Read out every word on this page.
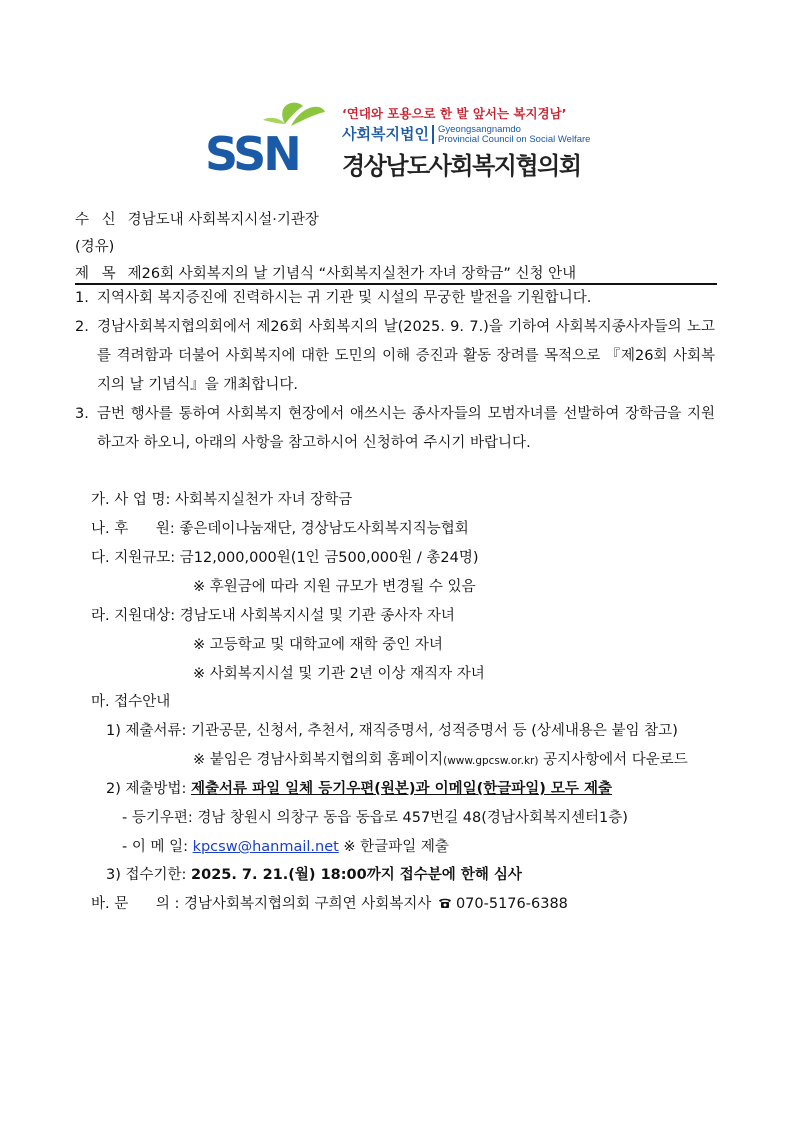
SSN
‘연대와 포용으로 한 발 앞서는 복지경남’
사회복지법인 Gyeongsangnamdo
Provincial Council on Social Welfare
경상남도사회복지협의회
수 신 경남도내 사회복지시설·기관장
(경유)
제 목 제26회 사회복지의 날 기념식 “사회복지실천가 자녀 장학금” 신청 안내
1. 지역사회 복지증진에 진력하시는 귀 기관 및 시설의 무궁한 발전을 기원합니다.
2. 경남사회복지협의회에서 제26회 사회복지의 날(2025. 9. 7.)을 기하여 사회복지종사자들의 노고를 격려함과 더불어 사회복지에 대한 도민의 이해 증진과 활동 장려를 목적으로 『제26회 사회복지의 날 기념식』을 개최합니다.
3. 금번 행사를 통하여 사회복지 현장에서 애쓰시는 종사자들의 모범자녀를 선발하여 장학금을 지원하고자 하오니, 아래의 사항을 참고하시어 신청하여 주시기 바랍니다.
가. 사 업 명: 사회복지실천가 자녀 장학금
나. 후      원: 좋은데이나눔재단, 경상남도사회복지직능협회
다. 지원규모: 금12,000,000원(1인 금500,000원 / 총24명)
※ 후원금에 따라 지원 규모가 변경될 수 있음
라. 지원대상: 경남도내 사회복지시설 및 기관 종사자 자녀
※ 고등학교 및 대학교에 재학 중인 자녀
※ 사회복지시설 및 기관 2년 이상 재직자 자녀
마. 접수안내
1) 제출서류: 기관공문, 신청서, 추천서, 재직증명서, 성적증명서 등 (상세내용은 붙임 참고)
※ 붙임은 경남사회복지협의회 홈페이지(www.gpcsw.or.kr) 공지사항에서 다운로드
2) 제출방법: 제출서류 파일 일체 등기우편(원본)과 이메일(한글파일) 모두 제출
- 등기우편: 경남 창원시 의창구 동읍 동읍로 457번길 48(경남사회복지센터1층)
- 이 메 일: kpcsw@hanmail.net ※ 한글파일 제출
3) 접수기한: 2025. 7. 21.(월) 18:00까지 접수분에 한해 심사
바. 문      의 : 경남사회복지협의회 구희연 사회복지사 070-5176-6388
